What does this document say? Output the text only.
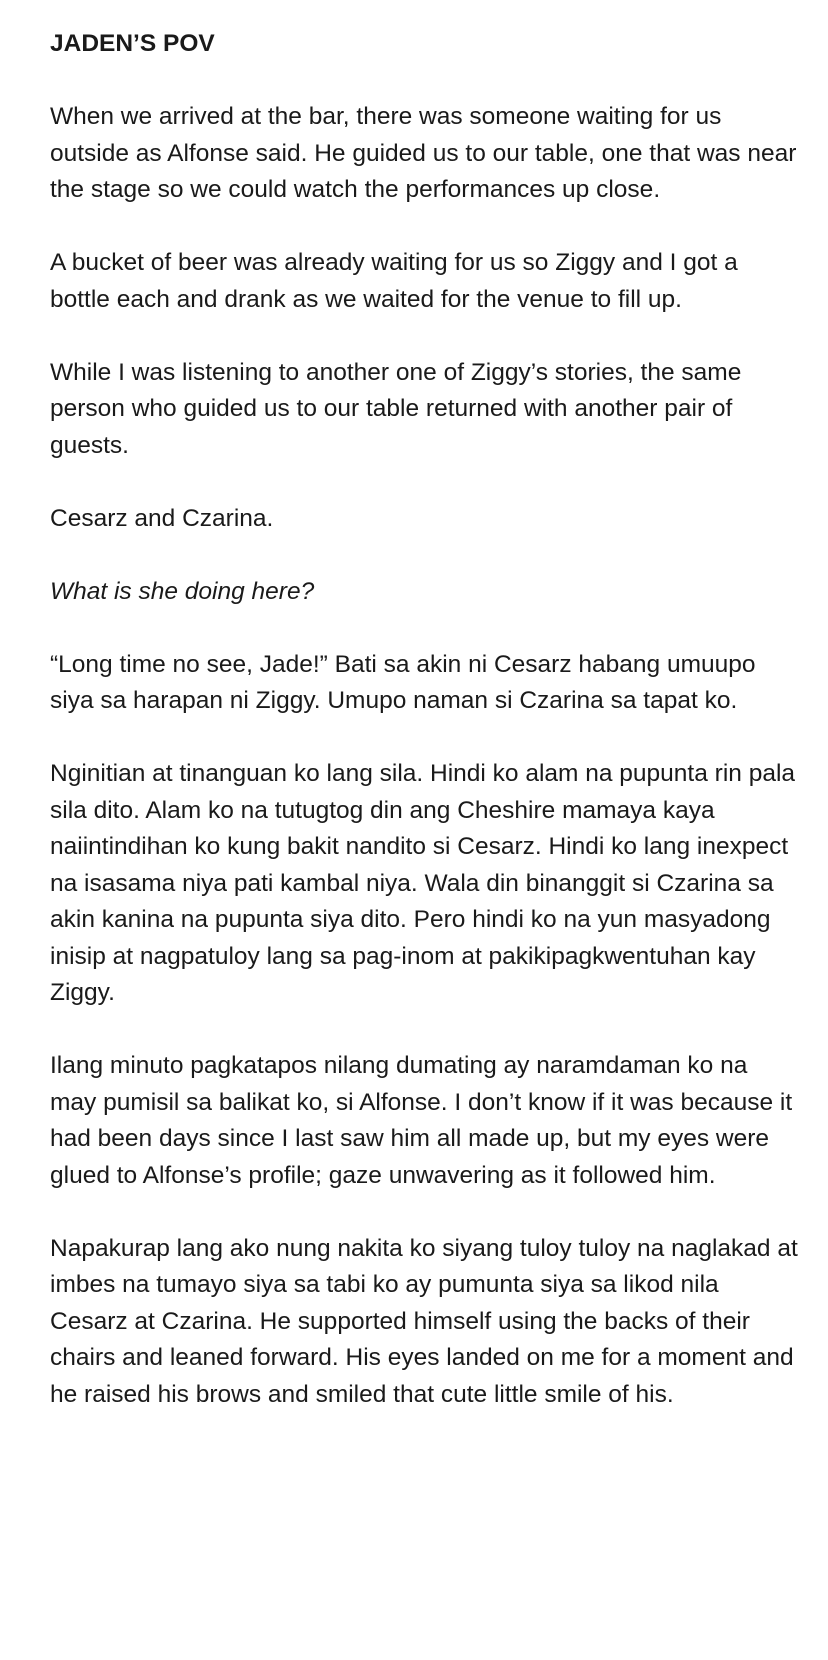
JADEN’S POV

When we arrived at the bar, there was someone waiting for us outside as Alfonse said. He guided us to our table, one that was near the stage so we could watch the performances up close.

A bucket of beer was already waiting for us so Ziggy and I got a bottle each and drank as we waited for the venue to fill up.

While I was listening to another one of Ziggy’s stories, the same person who guided us to our table returned with another pair of guests.

Cesarz and Czarina.

What is she doing here?

“Long time no see, Jade!” Bati sa akin ni Cesarz habang umuupo siya sa harapan ni Ziggy. Umupo naman si Czarina sa tapat ko.

Nginitian at tinanguan ko lang sila. Hindi ko alam na pupunta rin pala sila dito. Alam ko na tutugtog din ang Cheshire mamaya kaya naiintindihan ko kung bakit nandito si Cesarz. Hindi ko lang inexpect na isasama niya pati kambal niya. Wala din binanggit si Czarina sa akin kanina na pupunta siya dito. Pero hindi ko na yun masyadong inisip at nagpatuloy lang sa pag-inom at pakikipagkwentuhan kay Ziggy.

Ilang minuto pagkatapos nilang dumating ay naramdaman ko na may pumisil sa balikat ko, si Alfonse. I don’t know if it was because it had been days since I last saw him all made up, but my eyes were glued to Alfonse’s profile; gaze unwavering as it followed him.

Napakurap lang ako nung nakita ko siyang tuloy tuloy na naglakad at imbes na tumayo siya sa tabi ko ay pumunta siya sa likod nila Cesarz at Czarina. He supported himself using the backs of their chairs and leaned forward. His eyes landed on me for a moment and he raised his brows and smiled that cute little smile of his.
